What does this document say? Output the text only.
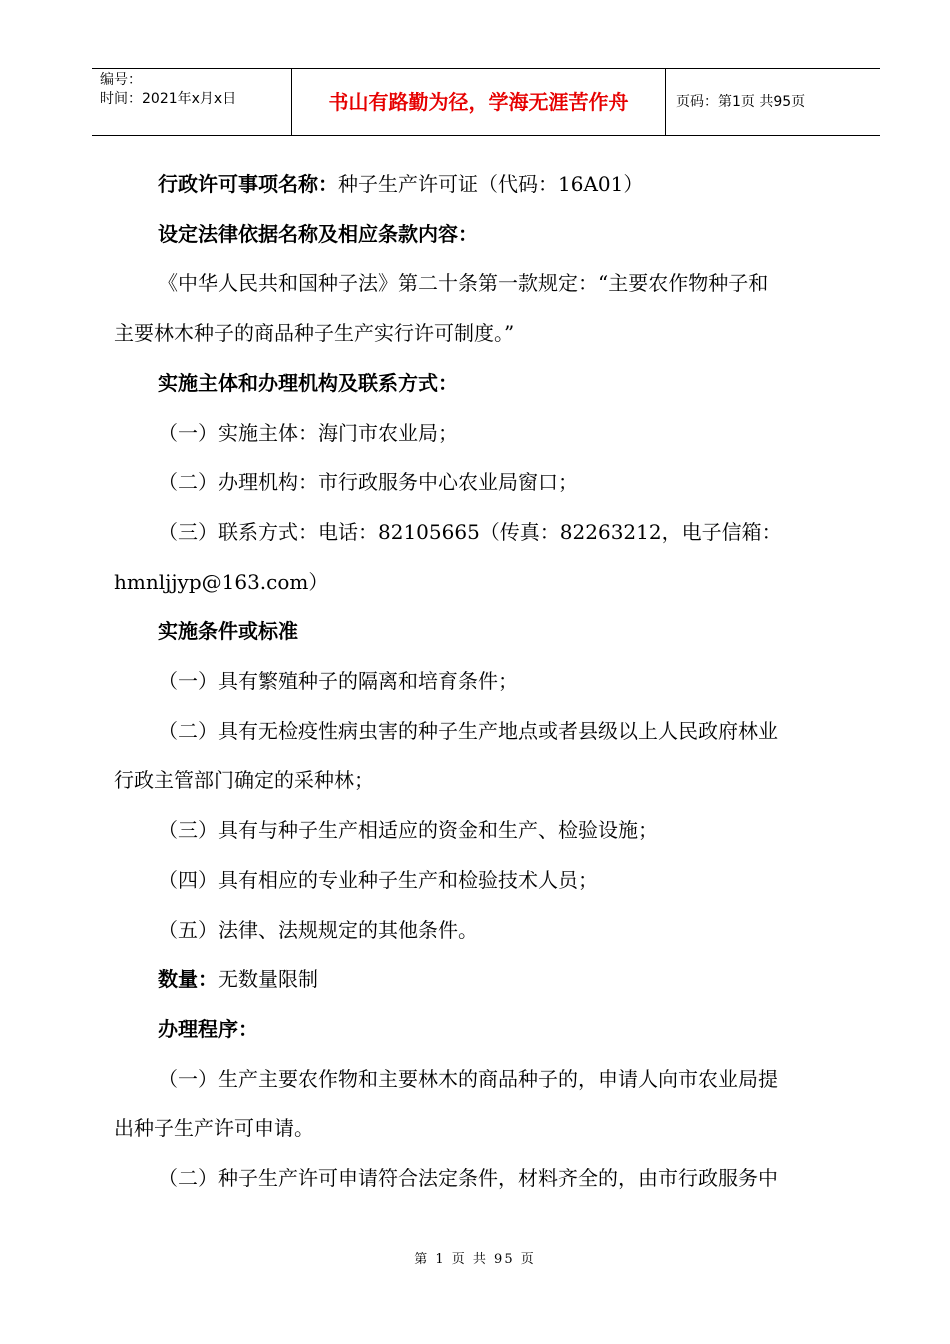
编号：
时间：2021年x月x日	书山有路勤为径，学海无涯苦作舟	页码：第1页 共95页

行政许可事项名称：种子生产许可证（代码：16A01）

设定法律依据名称及相应条款内容：

《中华人民共和国种子法》第二十条第一款规定：“主要农作物种子和

主要林木种子的商品种子生产实行许可制度。”

实施主体和办理机构及联系方式：

（一）实施主体：海门市农业局；

（二）办理机构：市行政服务中心农业局窗口；

（三）联系方式：电话：82105665（传真：82263212，电子信箱：

hmnljjyp@163.com）

实施条件或标准

（一）具有繁殖种子的隔离和培育条件；

（二）具有无检疫性病虫害的种子生产地点或者县级以上人民政府林业

行政主管部门确定的采种林；

（三）具有与种子生产相适应的资金和生产、检验设施；

（四）具有相应的专业种子生产和检验技术人员；

（五）法律、法规规定的其他条件。

数量：无数量限制

办理程序：

（一）生产主要农作物和主要林木的商品种子的，申请人向市农业局提

出种子生产许可申请。

（二）种子生产许可申请符合法定条件，材料齐全的，由市行政服务中

第 1 页 共 95 页
